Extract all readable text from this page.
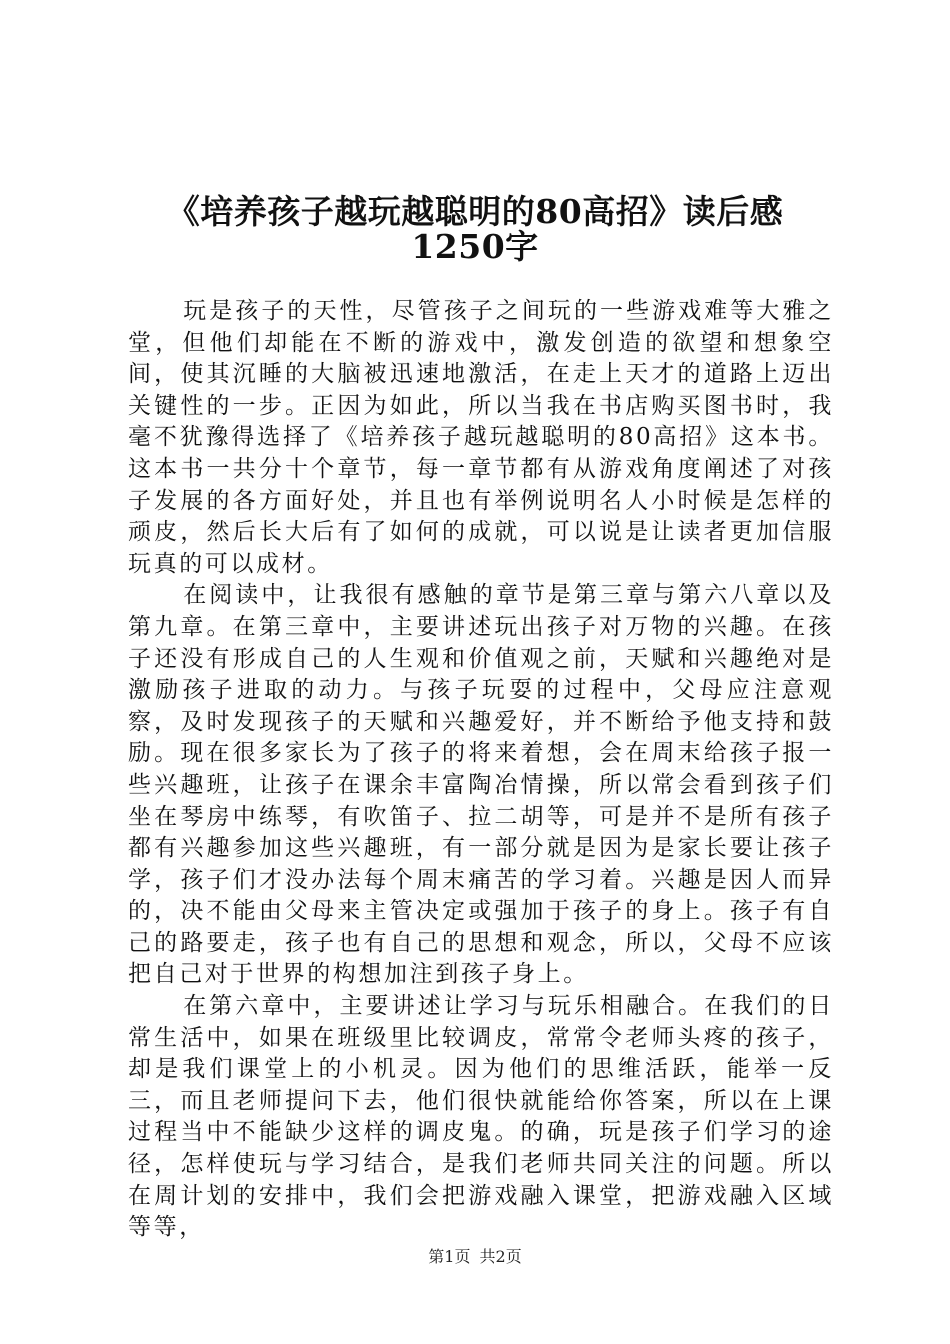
《培养孩子越玩越聪明的80高招》读后感
1250字

玩是孩子的天性，尽管孩子之间玩的一些游戏难等大雅之堂，但他们却能在不断的游戏中，激发创造的欲望和想象空间，使其沉睡的大脑被迅速地激活，在走上天才的道路上迈出关键性的一步。正因为如此，所以当我在书店购买图书时，我毫不犹豫得选择了《培养孩子越玩越聪明的80高招》这本书。这本书一共分十个章节，每一章节都有从游戏角度阐述了对孩子发展的各方面好处，并且也有举例说明名人小时候是怎样的顽皮，然后长大后有了如何的成就，可以说是让读者更加信服玩真的可以成材。

在阅读中，让我很有感触的章节是第三章与第六八章以及第九章。在第三章中，主要讲述玩出孩子对万物的兴趣。在孩子还没有形成自己的人生观和价值观之前，天赋和兴趣绝对是激励孩子进取的动力。与孩子玩耍的过程中，父母应注意观察，及时发现孩子的天赋和兴趣爱好，并不断给予他支持和鼓励。现在很多家长为了孩子的将来着想，会在周末给孩子报一些兴趣班，让孩子在课余丰富陶冶情操，所以常会看到孩子们坐在琴房中练琴，有吹笛子、拉二胡等，可是并不是所有孩子都有兴趣参加这些兴趣班，有一部分就是因为是家长要让孩子学，孩子们才没办法每个周末痛苦的学习着。兴趣是因人而异的，决不能由父母来主管决定或强加于孩子的身上。孩子有自己的路要走，孩子也有自己的思想和观念，所以，父母不应该把自己对于世界的构想加注到孩子身上。

在第六章中，主要讲述让学习与玩乐相融合。在我们的日常生活中，如果在班级里比较调皮，常常令老师头疼的孩子，却是我们课堂上的小机灵。因为他们的思维活跃，能举一反三，而且老师提问下去，他们很快就能给你答案，所以在上课过程当中不能缺少这样的调皮鬼。的确，玩是孩子们学习的途径，怎样使玩与学习结合，是我们老师共同关注的问题。所以在周计划的安排中，我们会把游戏融入课堂，把游戏融入区域等等，

第1页 共2页
